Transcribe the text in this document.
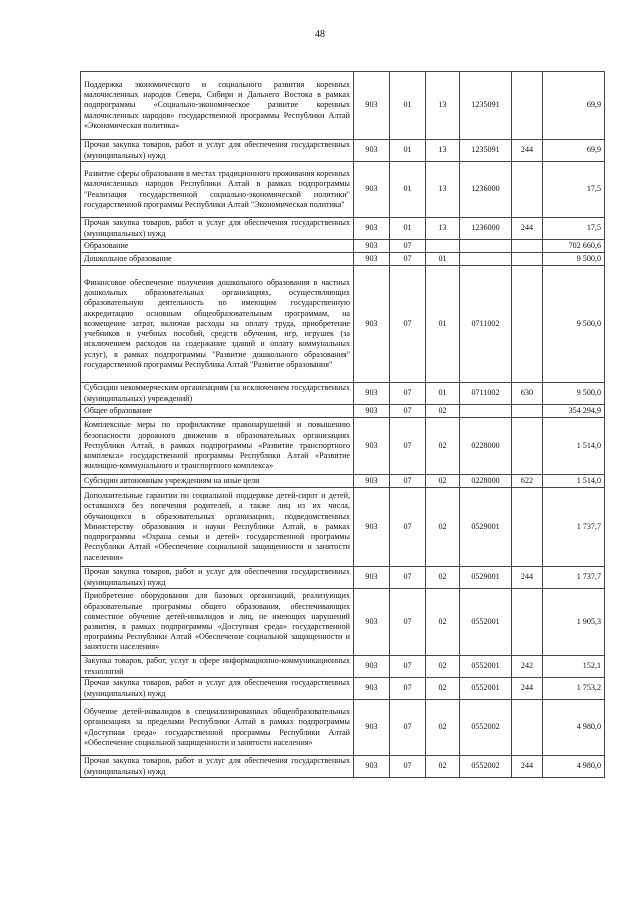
48
Поддержка экономического и социального развития коренных малочисленных народов Севера, Сибири и Дальнего Востока в рамках подпрограммы «Социально-экономическое развитие коренных малочисленных народов» государственной программы Республики Алтай «Экономическая политика»	903	01	13	1235091		69,9
Прочая закупка товаров, работ и услуг для обеспечения государственных (муниципальных) нужд	903	01	13	1235091	244	69,9
Развитие сферы образования в местах традиционного проживания коренных малочисленных народов Республики Алтай в рамках подпрограммы "Реализация государственной социально-экономической политики" государственной программы Республики Алтай "Экономическая политика"	903	01	13	1236000		17,5
Прочая закупка товаров, работ и услуг для обеспечения государственных (муниципальных) нужд	903	01	13	1236000	244	17,5
Образование	903	07				702 660,6
Дошкольное образование	903	07	01			9 500,0
Финансовое обеспечение получения дошкольного образования в частных дошкольных образовательных организациях, осуществляющих образовательную деятельность по имеющим государственную аккредитацию основным общеобразовательным программам, на возмещение затрат, включая расходы на оплату труда, приобретение учебников и учебных пособий, средств обучения, игр, игрушек (за исключением расходов на содержание зданий и оплату коммунальных услуг), в рамках подпрограммы "Развитие дошкольного образования" государственной программы Республика Алтай "Развитие образования"	903	07	01	0711002		9 500,0
Субсидии некоммерческим организациям (за исключением государственных (муниципальных) учреждений)	903	07	01	0711002	630	9 500,0
Общее образование	903	07	02			354 294,9
Комплексные меры по профилактике правонарушений и повышению безопасности дорожного движения в образовательных организациях Республики Алтай, в рамках подпрограммы «Развитие транспортного комплекса» государственной программы Республики Алтай «Развитие жилищно-коммунального и транспортного комплекса»	903	07	02	0228000		1 514,0
Субсидии автономным учреждениям на иные цели	903	07	02	0228000	622	1 514,0
Дополнительные гарантии по социальной поддержке детей-сирот и детей, оставшихся без попечения родителей, а также лиц из их числа, обучающихся в образовательных организациях, подведомственных Министерству образования и науки Республики Алтай, в рамках подпрограммы «Охрана семьи и детей» государственной программы Республики Алтай «Обеспечение социальной защищенности и занятости населения»	903	07	02	0529001		1 737,7
Прочая закупка товаров, работ и услуг для обеспечения государственных (муниципальных) нужд	903	07	02	0529001	244	1 737,7
Приобретение оборудования для базовых организаций, реализующих образовательные программы общего образования, обеспечивающих совместное обучение детей-инвалидов и лиц, не имеющих нарушений развития, в рамках подпрограммы «Доступная среда» государственной программы Республики Алтай «Обеспечение социальной защищенности и занятости населения»	903	07	02	0552001		1 905,3
Закупка товаров, работ, услуг в сфере информационно-коммуникационных технологий	903	07	02	0552001	242	152,1
Прочая закупка товаров, работ и услуг для обеспечения государственных (муниципальных) нужд	903	07	02	0552001	244	1 753,2
Обучение детей-инвалидов в специализированных общеобразовательных организациях за пределами Республики Алтай в рамках подпрограммы «Доступная среда» государственной программы Республики Алтай «Обеспечение социальной защищенности и занятости населения»	903	07	02	0552002		4 980,0
Прочая закупка товаров, работ и услуг для обеспечения государственных (муниципальных) нужд	903	07	02	0552002	244	4 980,0
